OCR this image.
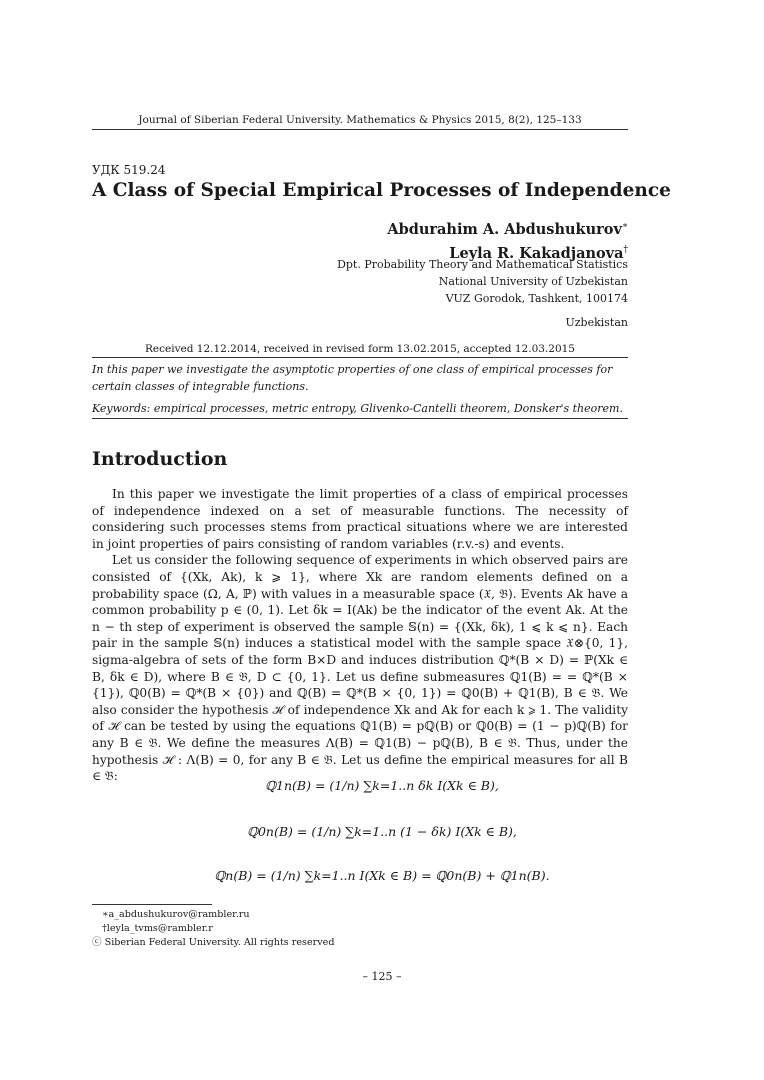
Journal of Siberian Federal University. Mathematics & Physics 2015, 8(2), 125–133
УДК 519.24
A Class of Special Empirical Processes of Independence
Abdurahim A. Abdushukurov∗
Leyla R. Kakadjanova†
Dpt. Probability Theory and Mathematical Statistics
National University of Uzbekistan
VUZ Gorodok, Tashkent, 100174
Uzbekistan
Received 12.12.2014, received in revised form 13.02.2015, accepted 12.03.2015
In this paper we investigate the asymptotic properties of one class of empirical processes for certain classes of integrable functions.
Keywords: empirical processes, metric entropy, Glivenko-Cantelli theorem, Donsker's theorem.
Introduction

In this paper we investigate the limit properties of a class of empirical processes of independence indexed on a set of measurable functions. The necessity of considering such processes stems from practical situations where we are interested in joint properties of pairs consisting of random variables (r.v.-s) and events.

Let us consider the following sequence of experiments in which observed pairs are consisted of {(Xk, Ak), k ⩾ 1}, where Xk are random elements defined on a probability space (Ω, A, ℙ) with values in a measurable space (𝔛, 𝔅). Events Ak have a common probability p ∈ (0, 1). Let δk = I(Ak) be the indicator of the event Ak. At the n − th step of experiment is observed the sample 𝕊(n) = {(Xk, δk), 1 ⩽ k ⩽ n}. Each pair in the sample 𝕊(n) induces a statistical model with the sample space 𝔛⊗{0, 1}, sigma-algebra of sets of the form B×D and induces distribution ℚ*(B × D) = ℙ(Xk ∈ B, δk ∈ D), where B ∈ 𝔅, D ⊂ {0, 1}. Let us define submeasures ℚ1(B) = = ℚ*(B × {1}), ℚ0(B) = ℚ*(B × {0}) and ℚ(B) = ℚ*(B × {0, 1}) = ℚ0(B) + ℚ1(B), B ∈ 𝔅. We also consider the hypothesis ℋ of independence Xk and Ak for each k ⩾ 1. The validity of ℋ can be tested by using the equations ℚ1(B) = pℚ(B) or ℚ0(B) = (1 − p)ℚ(B) for any B ∈ 𝔅. We define the measures Λ(B) = ℚ1(B) − pℚ(B), B ∈ 𝔅. Thus, under the hypothesis ℋ : Λ(B) = 0, for any B ∈ 𝔅. Let us define the empirical measures for all B ∈ 𝔅:

ℚ1n(B) = (1/n) ∑k=1..n δk I(Xk ∈ B),
ℚ0n(B) = (1/n) ∑k=1..n (1 − δk) I(Xk ∈ B),
ℚn(B) = (1/n) ∑k=1..n I(Xk ∈ B) = ℚ0n(B) + ℚ1n(B).
∗a_abdushukurov@rambler.ru
†leyla_tvms@rambler.r
ⓒ Siberian Federal University. All rights reserved
– 125 –
